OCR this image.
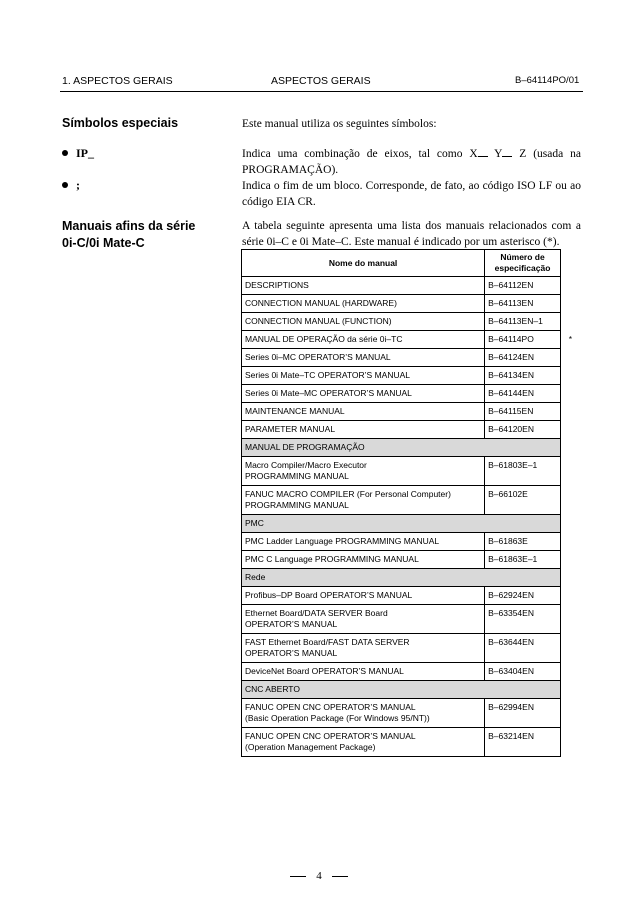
1. ASPECTOS GERAIS	ASPECTOS GERAIS	B–64114PO/01
Símbolos especiais	Este manual utiliza os seguintes símbolos:
IP_	Indica uma combinação de eixos, tal como X Y Z (usada na PROGRAMAÇÃO).
;	Indica o fim de um bloco. Corresponde, de fato, ao código ISO LF ou ao código EIA CR.
Manuais afins da série
0i-C/0i Mate-C
A tabela seguinte apresenta uma lista dos manuais relacionados com a série 0i–C e 0i Mate–C. Este manual é indicado por um asterisco (*).
Nome do manual	Número de especificação	
DESCRIPTIONS	B–64112EN	
CONNECTION MANUAL (HARDWARE)	B–64113EN	
CONNECTION MANUAL (FUNCTION)	B–64113EN–1	
MANUAL DE OPERAÇÃO da série 0i–TC	B–64114PO	*
Series 0i–MC OPERATOR’S MANUAL	B–64124EN	
Series 0i Mate–TC OPERATOR’S MANUAL	B–64134EN	
Series 0i Mate–MC OPERATOR’S MANUAL	B–64144EN	
MAINTENANCE MANUAL	B–64115EN	
PARAMETER MANUAL	B–64120EN	
MANUAL DE PROGRAMAÇÃO		

Macro Compiler/Macro Executor
PROGRAMMING MANUAL	B–61803E–1	

FANUC MACRO COMPILER (For Personal Computer)
PROGRAMMING MANUAL	B–66102E	
PMC		
PMC Ladder Language PROGRAMMING MANUAL	B–61863E	
PMC C Language PROGRAMMING MANUAL	B–61863E–1	
Rede		
Profibus–DP Board OPERATOR’S MANUAL	B–62924EN	

Ethernet Board/DATA SERVER Board
OPERATOR’S MANUAL	B–63354EN	

FAST Ethernet Board/FAST DATA SERVER
OPERATOR’S MANUAL	B–63644EN	
DeviceNet Board OPERATOR’S MANUAL	B–63404EN	
CNC ABERTO		

FANUC OPEN CNC OPERATOR’S MANUAL
(Basic Operation Package (For Windows 95/NT))	B–62994EN	

FANUC OPEN CNC OPERATOR’S MANUAL
(Operation Management Package)	B–63214EN	
4
